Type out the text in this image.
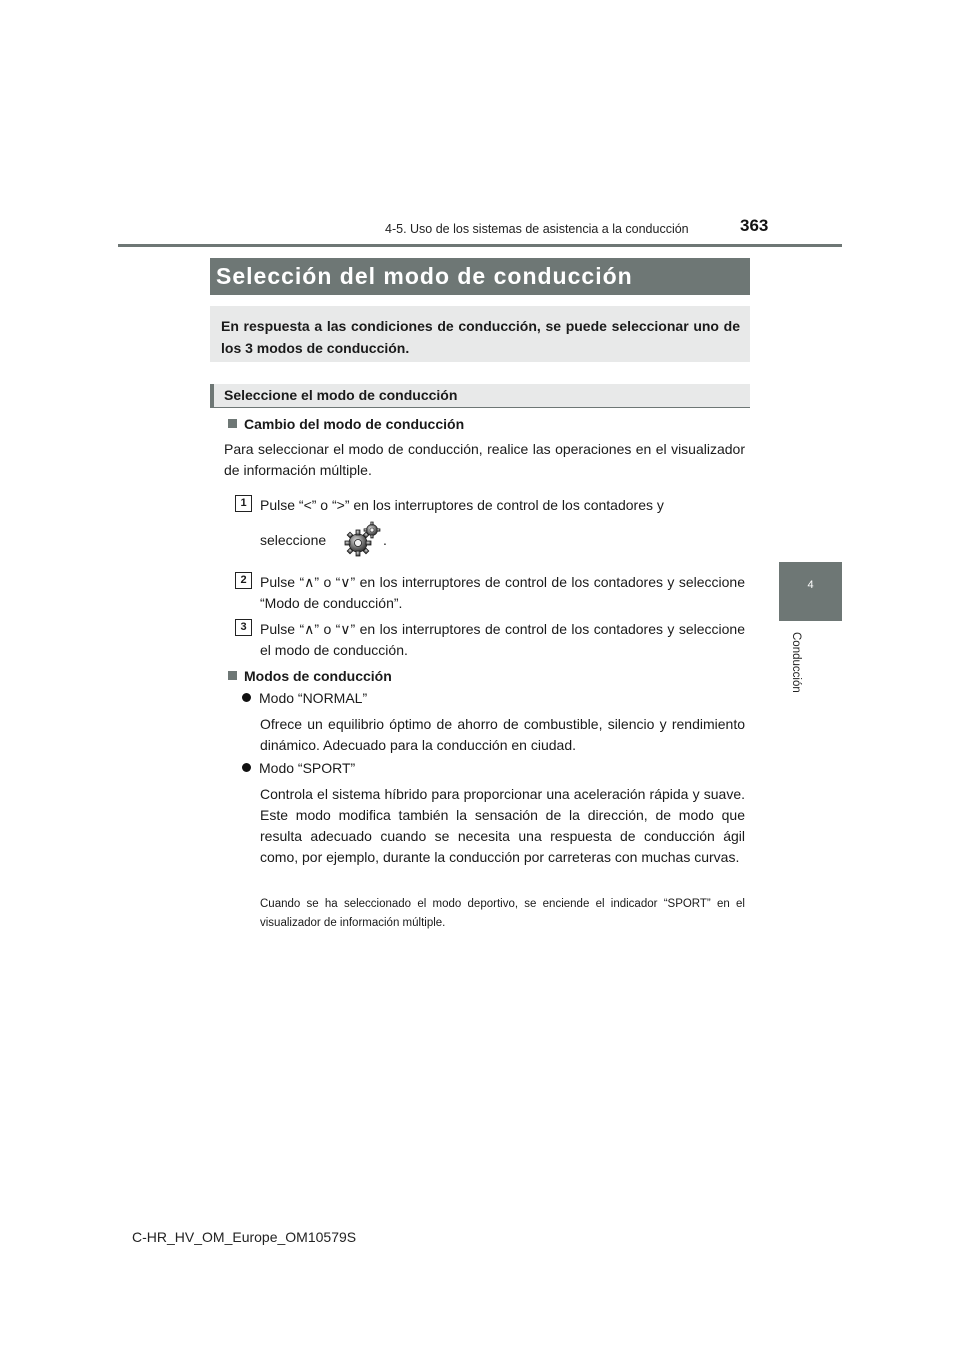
4-5. Uso de los sistemas de asistencia a la conducción	363
4
Conducción
Selección del modo de conducción
En respuesta a las condiciones de conducción, se puede seleccionar uno de los 3 modos de conducción.
Seleccione el modo de conducción
Cambio del modo de conducción
Para seleccionar el modo de conducción, realice las operaciones en el visualizador de información múltiple.
1 Pulse “<” o “>” en los interruptores de control de los contadores y
seleccione	.
2 Pulse “∧” o “∨” en los interruptores de control de los contadores y seleccione “Modo de conducción”.
3 Pulse “∧” o “∨” en los interruptores de control de los contadores y seleccione el modo de conducción.
Modos de conducción
Modo “NORMAL”
Ofrece un equilibrio óptimo de ahorro de combustible, silencio y rendimiento dinámico. Adecuado para la conducción en ciudad.
Modo “SPORT”
Controla el sistema híbrido para proporcionar una aceleración rápida y suave. Este modo modifica también la sensación de la dirección, de modo que resulta adecuado cuando se necesita una respuesta de conducción ágil como, por ejemplo, durante la conducción por carreteras con muchas curvas.
Cuando se ha seleccionado el modo deportivo, se enciende el indicador “SPORT” en el visualizador de información múltiple.
C-HR_HV_OM_Europe_OM10579S
